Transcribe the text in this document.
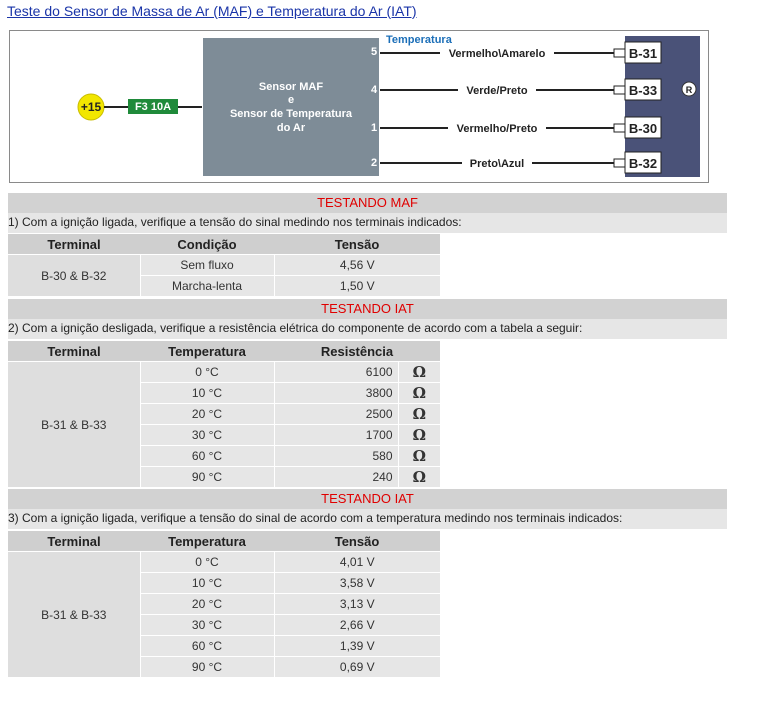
Teste do Sensor de Massa de Ar (MAF) e Temperatura do Ar (IAT)
+15	F3 10A
Sensor MAF
e
Sensor de Temperatura
do Ar
Temperatura
R
5	Vermelho\Amarelo	B-31
4	Verde/Preto	B-33
1	Vermelho/Preto	B-30
2	Preto\Azul	B-32
TESTANDO MAF
1) Com a ignição ligada, verifique a tensão do sinal medindo nos terminais indicados:
Terminal	Condição	Tensão
B-30 & B-32	Sem fluxo	4,56 V
	Marcha-lenta	1,50 V
TESTANDO IAT
2) Com a ignição desligada, verifique a resistência elétrica do componente de acordo com a tabela a seguir:
Terminal	Temperatura	Resistência	
B-31 & B-33	0 °C	6100	Ω
	10 °C	3800	Ω
	20 °C	2500	Ω
	30 °C	1700	Ω
	60 °C	580	Ω
	90 °C	240	Ω
TESTANDO IAT
3) Com a ignição ligada, verifique a tensão do sinal de acordo com a temperatura medindo nos terminais indicados:
Terminal	Temperatura	Tensão
B-31 & B-33	0 °C	4,01 V
	10 °C	3,58 V
	20 °C	3,13 V
	30 °C	2,66 V
	60 °C	1,39 V
	90 °C	0,69 V
